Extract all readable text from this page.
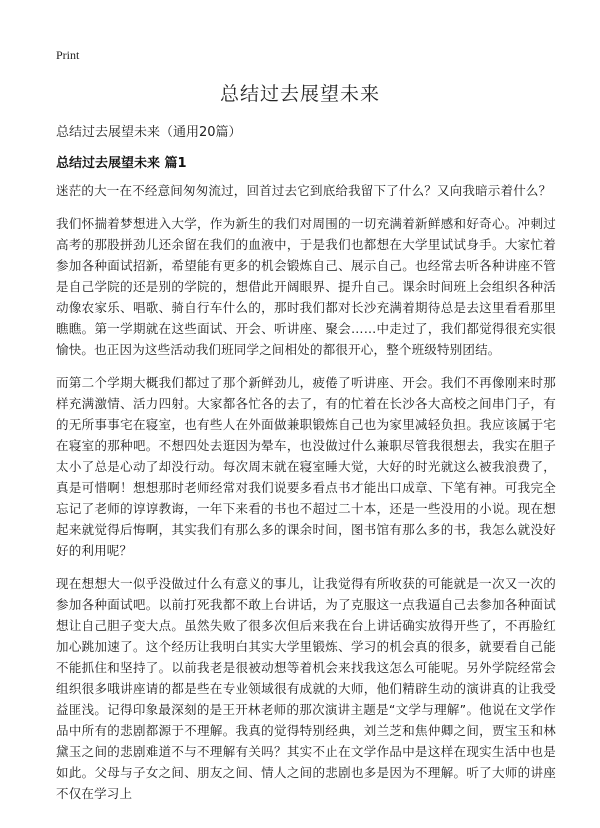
Print
总结过去展望未来
总结过去展望未来（通用20篇）
总结过去展望未来 篇1

迷茫的大一在不经意间匆匆流过，回首过去它到底给我留下了什么？又向我暗示着什么？

我们怀揣着梦想进入大学，作为新生的我们对周围的一切充满着新鲜感和好奇心。冲刺过高考的那股拼劲儿还余留在我们的血液中，于是我们也都想在大学里试试身手。大家忙着参加各种面试招新，希望能有更多的机会锻炼自己、展示自己。也经常去听各种讲座不管是自己学院的还是别的学院的，想借此开阔眼界、提升自己。课余时间班上会组织各种活动像农家乐、唱歌、骑自行车什么的，那时我们都对长沙充满着期待总是去这里看看那里瞧瞧。第一学期就在这些面试、开会、听讲座、聚会……中走过了，我们都觉得很充实很愉快。也正因为这些活动我们班同学之间相处的都很开心，整个班级特别团结。

而第二个学期大概我们都过了那个新鲜劲儿，疲倦了听讲座、开会。我们不再像刚来时那样充满激情、活力四射。大家都各忙各的去了，有的忙着在长沙各大高校之间串门子，有的无所事事宅在寝室，也有些人在外面做兼职锻炼自己也为家里减轻负担。我应该属于宅在寝室的那种吧。不想四处去逛因为晕车，也没做过什么兼职尽管我很想去，我实在胆子太小了总是心动了却没行动。每次周末就在寝室睡大觉，大好的时光就这么被我浪费了，真是可惜啊！想想那时老师经常对我们说要多看点书才能出口成章、下笔有神。可我完全忘记了老师的谆谆教诲，一年下来看的书也不超过二十本，还是一些没用的小说。现在想起来就觉得后悔啊，其实我们有那么多的课余时间，图书馆有那么多的书，我怎么就没好好的利用呢？

现在想想大一似乎没做过什么有意义的事儿，让我觉得有所收获的可能就是一次又一次的参加各种面试吧。以前打死我都不敢上台讲话，为了克服这一点我逼自己去参加各种面试想让自己胆子变大点。虽然失败了很多次但后来我在台上讲话确实放得开些了，不再脸红加心跳加速了。这个经历让我明白其实大学里锻炼、学习的机会真的很多，就要看自己能不能抓住和坚持了。以前我老是很被动想等着机会来找我这怎么可能呢。另外学院经常会组织很多哦讲座请的都是些在专业领域很有成就的大师，他们精辟生动的演讲真的让我受益匪浅。记得印象最深刻的是王开林老师的那次演讲主题是“文学与理解”。他说在文学作品中所有的悲剧都源于不理解。我真的觉得特别经典，刘兰芝和焦仲卿之间，贾宝玉和林黛玉之间的悲剧难道不与不理解有关吗？其实不止在文学作品中是这样在现实生活中也是如此。父母与子女之间、朋友之间、情人之间的悲剧也多是因为不理解。听了大师的讲座不仅在学习上
